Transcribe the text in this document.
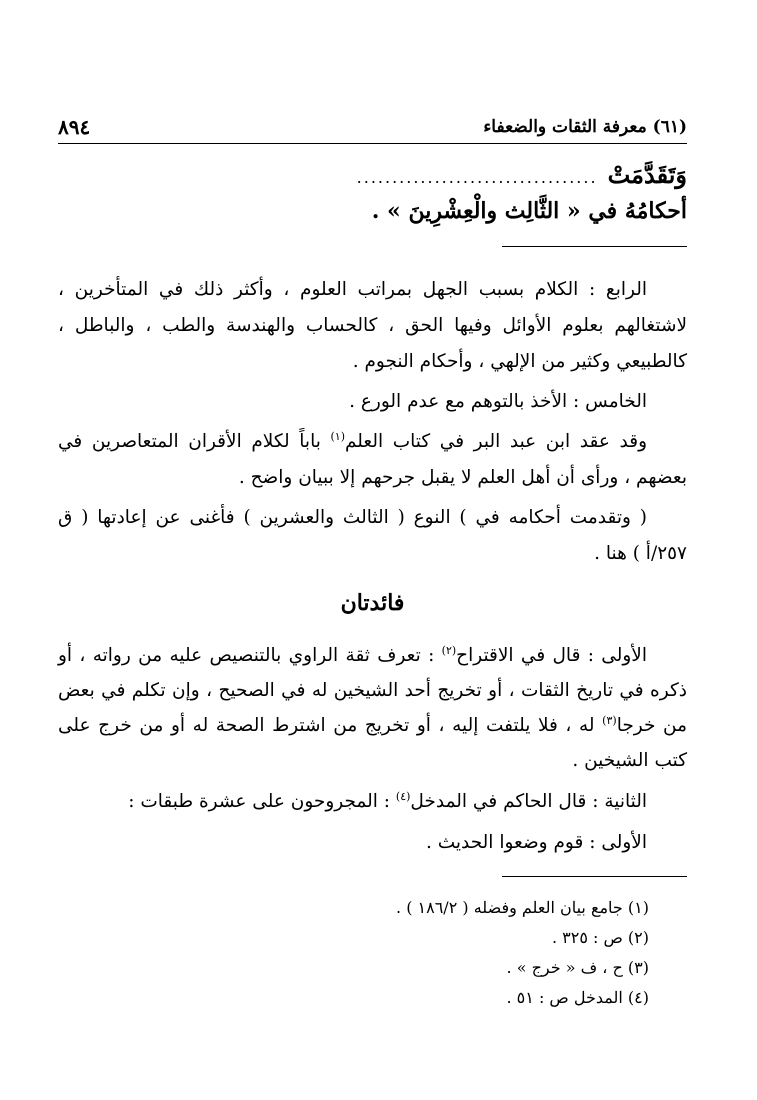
٨٩٤	(٦١) معرفة الثقات والضعفاء
.................................. وَتَقَدَّمَتْ
أحكامُهُ في « الثَّالِث والْعِشْرِينَ » .

الرابع : الكلام بسبب الجهل بمراتب العلوم ، وأكثر ذلك في المتأخرين ، لاشتغالهم بعلوم الأوائل وفيها الحق ، كالحساب والهندسة والطب ، والباطل ، كالطبيعي وكثير من الإلهي ، وأحكام النجوم .

الخامس : الأخذ بالتوهم مع عدم الورع .

وقد عقد ابن عبد البر في كتاب العلم$^{(١)}$ باباً لكلام الأقران المتعاصرين في بعضهم ، ورأى أن أهل العلم لا يقبل جرحهم إلا ببيان واضح .

( وتقدمت أحكامه في ) النوع ( الثالث والعشرين ) فأغنى عن إعادتها ( ق ٢٥٧/أ ) هنا .

فائدتان

الأولى : قال في الاقتراح$^{(٢)}$ : تعرف ثقة الراوي بالتنصيص عليه من رواته ، أو ذكره في تاريخ الثقات ، أو تخريج أحد الشيخين له في الصحيح ، وإن تكلم في بعض من خرجا$^{(٣)}$ له ، فلا يلتفت إليه ، أو تخريج من اشترط الصحة له أو من خرج على كتب الشيخين .

الثانية : قال الحاكم في المدخل$^{(٤)}$ : المجروحون على عشرة طبقات :

الأولى : قوم وضعوا الحديث .

(١) جامع بيان العلم وفضله ( ١٨٦/٢ ) .
(٢) ص : ٣٢٥ .
(٣) ح ، ف « خرج » .
(٤) المدخل ص : ٥١ .
